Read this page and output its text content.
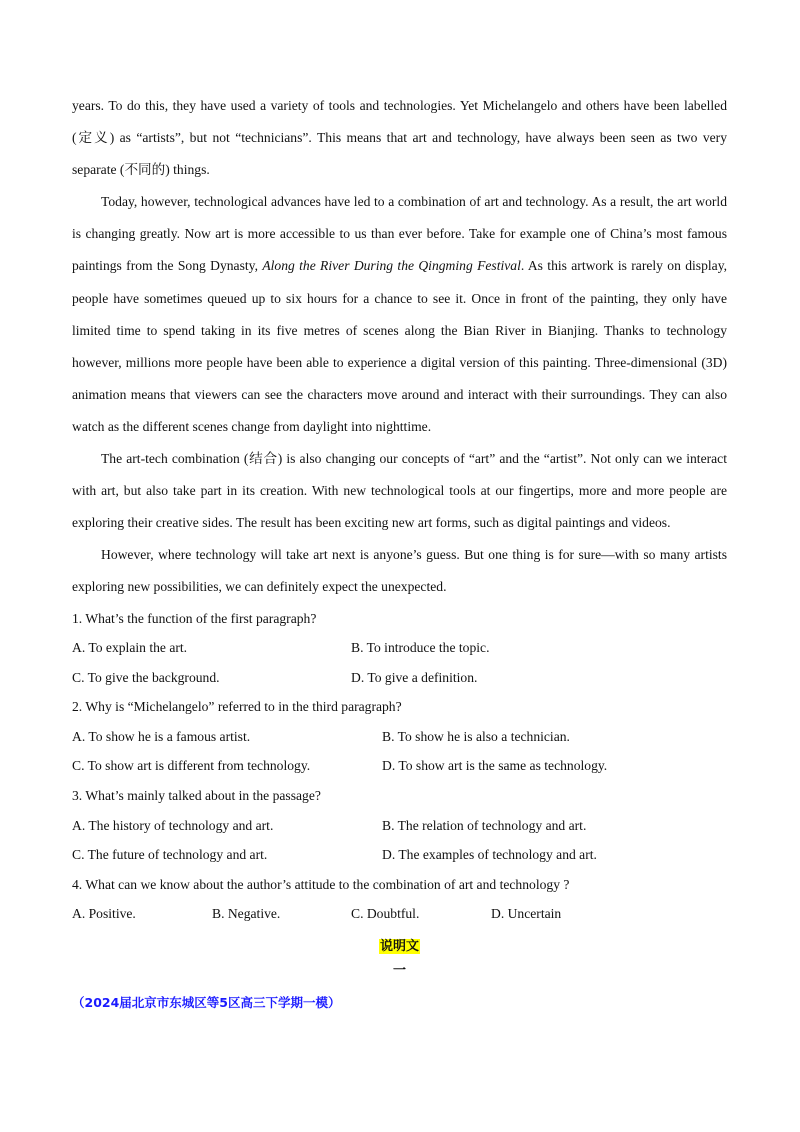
years. To do this, they have used a variety of tools and technologies. Yet Michelangelo and others have been labelled (定义) as “artists”, but not “technicians”. This means that art and technology, have always been seen as two very separate (不同的) things.

Today, however, technological advances have led to a combination of art and technology. As a result, the art world is changing greatly. Now art is more accessible to us than ever before. Take for example one of China’s most famous paintings from the Song Dynasty, Along the River During the Qingming Festival. As this artwork is rarely on display, people have sometimes queued up to six hours for a chance to see it. Once in front of the painting, they only have limited time to spend taking in its five metres of scenes along the Bian River in Bianjing. Thanks to technology however, millions more people have been able to experience a digital version of this painting. Three-dimensional (3D) animation means that viewers can see the characters move around and interact with their surroundings. They can also watch as the different scenes change from daylight into nighttime.

The art-tech combination (结合) is also changing our concepts of “art” and the “artist”. Not only can we interact with art, but also take part in its creation. With new technological tools at our fingertips, more and more people are exploring their creative sides. The result has been exciting new art forms, such as digital paintings and videos.

However, where technology will take art next is anyone’s guess. But one thing is for sure—with so many artists exploring new possibilities, we can definitely expect the unexpected.

1. What’s the function of the first paragraph?

A. To explain the art.	B. To introduce the topic.
C. To give the background.	D. To give a definition.

2. Why is “Michelangelo” referred to in the third paragraph?

A. To show he is a famous artist.	B. To show he is also a technician.
C. To show art is different from technology.	D. To show art is the same as technology.

3. What’s mainly talked about in the passage?

A. The history of technology and art.	B. The relation of technology and art.
C. The future of technology and art.	D. The examples of technology and art.

4. What can we know about the author’s attitude to the combination of art and technology ?

A. Positive.	B. Negative.	C. Doubtful.	D. Uncertain
说明文
一
（2024届北京市东城区等5区高三下学期一模）
